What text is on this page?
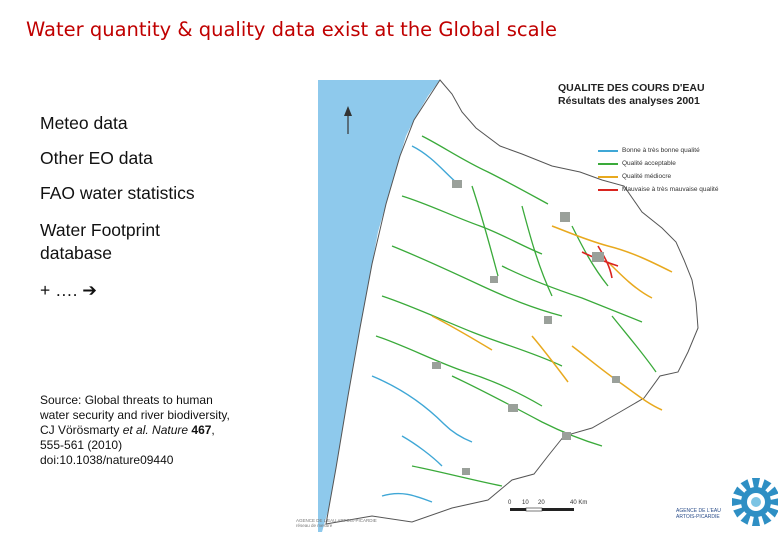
Water quantity & quality data exist at the Global scale
Meteo data
Other EO data
FAO water statistics
Water Footprint database
+ …. ➔
Source: Global threats to human
water security and river biodiversity,
CJ Vörösmarty et al. Nature 467,
555-561 (2010)
doi:10.1038/nature09440
QUALITE DES COURS D'EAU
Résultats des analyses 2001
Bonne à très bonne qualité
Qualité acceptable
Qualité médiocre
Mauvaise à très mauvaise qualité
0 10 20	40 Km
AGENCE DE L'EAU ARTOIS-PICARDIE
réseau de mesure
AGENCE DE L'EAU
ARTOIS-PICARDIE
